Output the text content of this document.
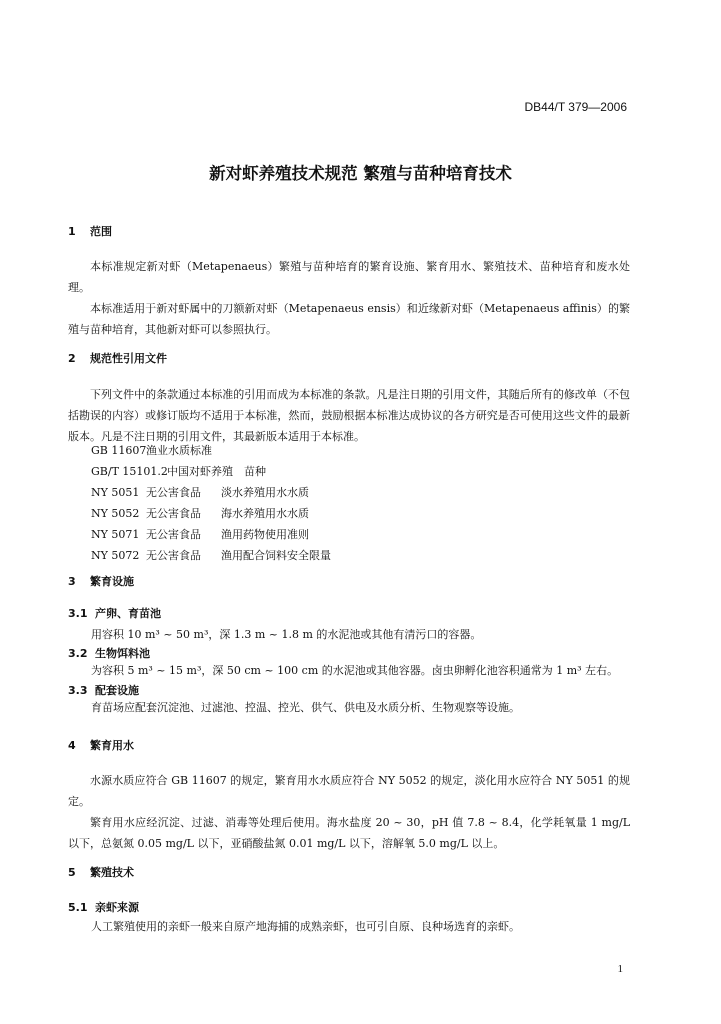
DB44/T 379—2006
新对虾养殖技术规范 繁殖与苗种培育技术
1 范围

本标准规定新对虾（Metapenaeus）繁殖与苗种培育的繁育设施、繁育用水、繁殖技术、苗种培育和废水处理。

本标准适用于新对虾属中的刀额新对虾（Metapenaeus ensis）和近缘新对虾（Metapenaeus affinis）的繁殖与苗种培育，其他新对虾可以参照执行。

2 规范性引用文件

下列文件中的条款通过本标准的引用而成为本标准的条款。凡是注日期的引用文件，其随后所有的修改单（不包括勘误的内容）或修订版均不适用于本标准，然而，鼓励根据本标准达成协议的各方研究是否可使用这些文件的最新版本。凡是不注日期的引用文件，其最新版本适用于本标准。

GB 11607渔业水质标准
GB/T 15101.2中国对虾养殖　苗种
NY 5051 无公害食品 淡水养殖用水水质
NY 5052 无公害食品 海水养殖用水水质
NY 5071 无公害食品 渔用药物使用准则
NY 5072 无公害食品 渔用配合饲料安全限量
3 繁育设施
3.1 产卵、育苗池
用容积 10 m³ ~ 50 m³，深 1.3 m ~ 1.8 m 的水泥池或其他有清污口的容器。
3.2 生物饵料池
为容积 5 m³ ~ 15 m³，深 50 cm ~ 100 cm 的水泥池或其他容器。卤虫卵孵化池容积通常为 1 m³ 左右。
3.3 配套设施
育苗场应配套沉淀池、过滤池、控温、控光、供气、供电及水质分析、生物观察等设施。
4 繁育用水

水源水质应符合 GB 11607 的规定，繁育用水水质应符合 NY 5052 的规定，淡化用水应符合 NY 5051 的规定。

繁育用水应经沉淀、过滤、消毒等处理后使用。海水盐度 20 ~ 30，pH 值 7.8 ~ 8.4，化学耗氧量 1 mg/L 以下，总氨氮 0.05 mg/L 以下，亚硝酸盐氮 0.01 mg/L 以下，溶解氧 5.0 mg/L 以上。

5 繁殖技术
5.1 亲虾来源
人工繁殖使用的亲虾一般来自原产地海捕的成熟亲虾，也可引自原、良种场选育的亲虾。
1
